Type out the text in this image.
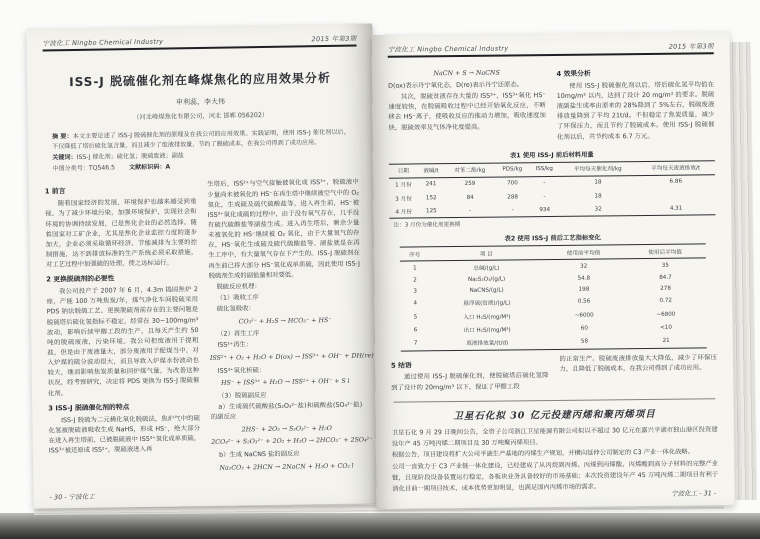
宁波化工 Ningbo Chemical Industry	2015 年第3期
ISS-J 脱硫催化剂在峰煤焦化的应用效果分析
申利蕊，李大伟
（河北峰煤焦化有限公司，河北 邯郸 056202）

摘 要：本文主要论述了 ISS-J 脱硫催化剂的原理及在我公司的应用效果。实践证明，使用 ISS-J 催化剂以后，不仅降低了塔后硫化氢含量，而且减少了废液排放量，节约了脱硫成本，在我公司得到了成功应用。

关键词：ISS-J 催化剂；硫化氢；脱硫废液；副盐

中图分类号：TQ546.5 文献标识码：A

1 前言

随着国家经济的发展，环境保护也越来越受到重视。为了减少环境污染，加强环境保护，实现社会和环境的协调持续发展，已是焦化企业的必然选择。随着国家对工矿企业，尤其是焦化企业监控力度的逐步加大，企业必须采取循环经济、节能减排为主要的控制措施，达不到排放标准的生产系统必须采取措施，对工艺过程中加强硫的处理，使之达标运行。

2 更换脱硫剂的必要性

我公司投产于 2007 年 6 月，4.3m 捣固焦炉 2 座，产能 100 万吨焦炭/年，煤气净化车间脱硫采用 PDS 钠法脱硫工艺。更换脱硫剂前存在的主要问题是脱硫塔后硫化氢指标不稳定，经常在 30~100mg/m³ 波动，影响后续甲醇工段的生产，且每天产生约 50 吨的脱硫废液，污染环境。我公司把废液用于提粗盐，但是由于废液量大，部分废液用于配煤当中，对入炉煤的硫分波动很大，而且导致入炉煤水份波动也较大，继而影响焦炭质量和回炉煤气量。为改善这种状况，经考察研究，决定将 PDS 更换为 ISS-J 脱硫催化剂。

3 ISS-J 脱硫催化剂的特点

ISS-J 脱硫为二元稀化氧化脱硫法，焦炉气中的硫化氢被脱硫液吸收生成 NaHS，形成 HS⁻，绝大部分在进入再生塔前，已被脱硫液中 ISS³⁺氧化成单质硫，ISS³⁺被还原成 ISS²⁺，脱硫液进入再

生塔后，ISS²⁺与空气接触被氧化成 ISS³⁺，脱硫液中少量尚未被氧化的 HS⁻在再生塔中继续被空气中的 O₂ 氧化，生成硫及硫代硫酸盐等。进入再生前，HS⁻被 ISS³⁺氧化成硫的过程中，由于没有氧气存在，几乎没有硫代硫酸盐等副盐生成。进入再生塔后，剩余少量未被氧化的 HS⁻继续被 O₂ 氧化，由于大量氧气的存在，HS⁻氧化生成硫及硫代硫酸盐等。副盐就是在再生工序中，有大量氧气存在下产生的。ISS-J 脱硫剂在再生前已将大部分 HS⁻氧化成单质硫，因此使用 ISS-J 脱硫剂生成的副盐量相对要低。

脱硫反应机理：

（1）吸收工序

硫化氢吸收：

CO₃²⁻ + H₂S → HCO₃⁻ + HS⁻

（2）再生工序

ISS²⁺再生：

ISS²⁺ + O₂ + H₂O + D(ox) → ISS³⁺ + OH⁻ + DH(re)

ISS³⁺氧化析硫：

HS⁻ + ISS³⁺ + H₂O → ISS²⁺ + OH⁻ + S↓

（3）脱硫副反应

a）生成硫代硫酸盐(S₂O₃²⁻盐)和硫酸盐(SO₄²⁻盐)的副反应

2HS⁻ + 2O₂ → S₂O₃²⁻ + H₂O
2CO₃²⁻ + S₂O₃²⁻ + 2O₂ + H₂O → 2HCO₃⁻ + 2SO₄²⁻

b）生成 NaCNS 盐的副反应

Na₂CO₃ + 2HCN → 2NaCN + H₂O + CO₂↑
- 30 - 宁波化工
宁波化工 Ningbo Chemical Industry	2015 年第3期
NaCN + S → NaCNS

D(ox)表示丹宁氧化态，D(re)表示丹宁还原态。

其次，脱硫贫液存在大量的 ISS³⁺，ISS³⁺氧化 HS⁻速度较快，在脱硫吸收过程中已经开始氧化反应，不断移去 HS⁻离子，使吸收反应的推动力增加，吸收速度加快，脱硫效率及气体净化度提高。

4 效果分析

使用 ISS-J 脱硫催化剂以后，塔后硫化氢平均值在 10mg/m³ 以内，达到了设计 20 mg/m³ 的要求。脱硫液副盐生成率由原来的 28%降到了 5%左右，脱硫废液排放量降到了平均 21t/d。不但稳定了焦炭质量，减少了环保压力，而且节约了脱硫成本。使用 ISS-J 脱硫催化剂以后，共节约成本 6.7 万元。

表1 使用 ISS-J 前后材料用量
日期	液碱/t	对苯二酚/kg	PDS/kg	ISS/kg	平均每天催化剂/kg	平均每天废液排放/t
1 月份	241	259	700	-	18	6.86
3 月份	152	84	288	-	18	
4 月份	125	-	-	934	32	4.31
注：3 月份为催化剂更换期
表2 使用 ISS-J 前后工艺指标变化
序号	项 目	使用前平均值	使用后平均值
1	总碱/(g/L)	32	35
2	Na₂S₂O₃/(g/L)	54.8	84.7
3	NaCNS/(g/L)	198	278
4	悬浮硫(贫液)/(g/L)	0.56	0.72
5	入口 H₂S/(mg/M³)	~6000	~6800
6	出口 H₂S/(mg/M³)	60	<10
7	废液排放量/(t/d)	58	21
5 结语

通过使用 ISS-J 脱硫催化剂，使脱硫塔后硫化氢降到了设计的 20mg/m³ 以下，保证了甲醇工段

的正常生产。脱硫废液排放量大大降低，减少了环保压力，且降低了脱硫成本，在我公司得到了成功应用。

卫星石化拟 30 亿元投建丙烯和聚丙烯项目

卫星石化 9 月 29 日晚间公告，全资子公司浙江卫星能源有限公司拟以不超过 30 亿元在嘉兴平湖市独山港区投资建设年产 45 万吨丙烯二期项目及 30 万吨聚丙烯项目。

根据公告，项目建设将扩大公司平湖生产基地的丙烯生产规划，并横向延伸公司制定的 C3 产业一体化战略。

公司一直致力于 C3 产业链一体化建设，已经建成了从丙烷到丙烯、丙烯到丙烯酸、丙烯酸到高分子材料的完整产业链，且现阶段设备装置运行稳定，各板块业务具备较好的市场基础；本次投资建设年产 45 万吨丙烯二期项目有利于消化目前一期项目技术，成本优势更加明显，也满足国内丙烯市场的需求。

宁波化工 - 31 -
